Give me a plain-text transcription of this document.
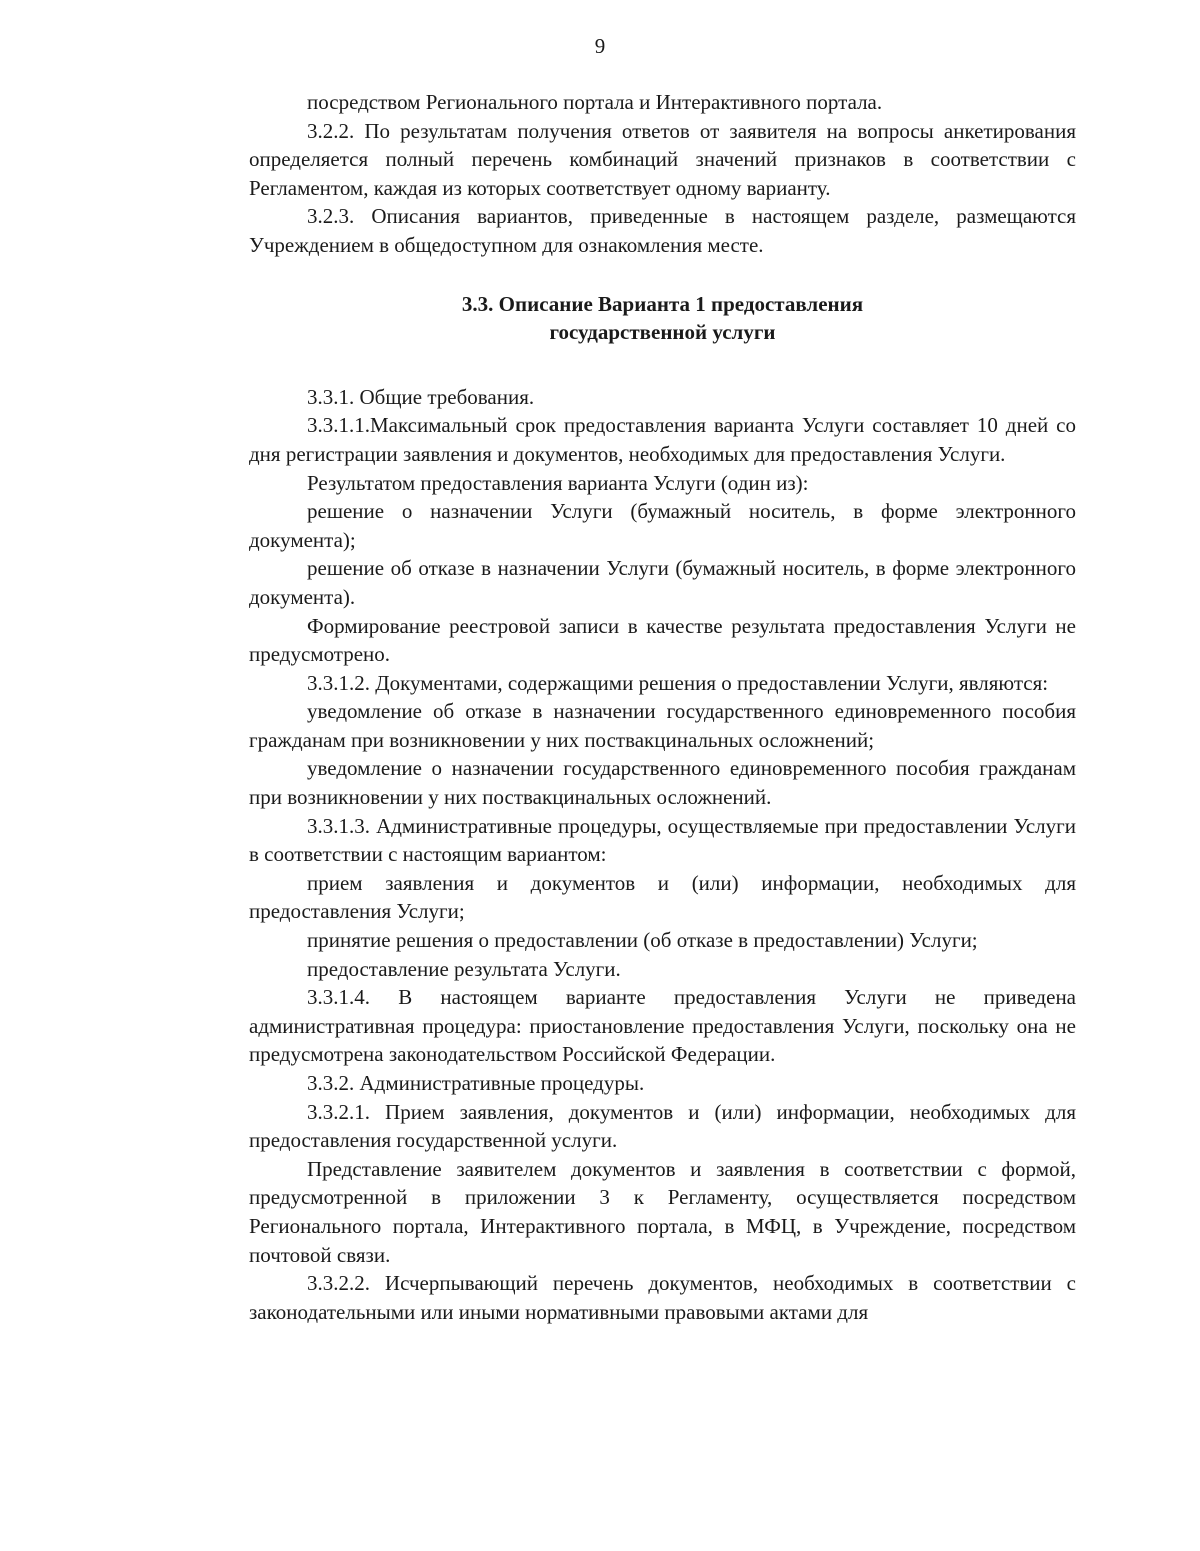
9

посредством Регионального портала и Интерактивного портала.

3.2.2. По результатам получения ответов от заявителя на вопросы анкетирования определяется полный перечень комбинаций значений признаков в соответствии с Регламентом, каждая из которых соответствует одному варианту.

3.2.3. Описания вариантов, приведенные в настоящем разделе, размещаются Учреждением в общедоступном для ознакомления месте.

3.3. Описание Варианта 1 предоставления
государственной услуги

3.3.1. Общие требования.

3.3.1.1.Максимальный срок предоставления варианта Услуги составляет 10 дней со дня регистрации заявления и документов, необходимых для предоставления Услуги.

Результатом предоставления варианта Услуги (один из):

решение о назначении Услуги (бумажный носитель, в форме электронного документа);

решение об отказе в назначении Услуги (бумажный носитель, в форме электронного документа).

Формирование реестровой записи в качестве результата предоставления Услуги не предусмотрено.

3.3.1.2. Документами, содержащими решения о предоставлении Услуги, являются:

уведомление об отказе в назначении государственного единовременного пособия гражданам при возникновении у них поствакцинальных осложнений;

уведомление о назначении государственного единовременного пособия гражданам при возникновении у них поствакцинальных осложнений.

3.3.1.3. Административные процедуры, осуществляемые при предоставлении Услуги в соответствии с настоящим вариантом:

прием заявления и документов и (или) информации, необходимых для предоставления Услуги;

принятие решения о предоставлении (об отказе в предоставлении) Услуги;

предоставление результата Услуги.

3.3.1.4. В настоящем варианте предоставления Услуги не приведена административная процедура: приостановление предоставления Услуги, поскольку она не предусмотрена законодательством Российской Федерации.

3.3.2. Административные процедуры.

3.3.2.1. Прием заявления, документов и (или) информации, необходимых для предоставления государственной услуги.

Представление заявителем документов и заявления в соответствии с формой, предусмотренной в приложении 3 к Регламенту, осуществляется посредством Регионального портала, Интерактивного портала, в МФЦ, в Учреждение, посредством почтовой связи.

3.3.2.2. Исчерпывающий перечень документов, необходимых в соответствии с законодательными или иными нормативными правовыми актами для
